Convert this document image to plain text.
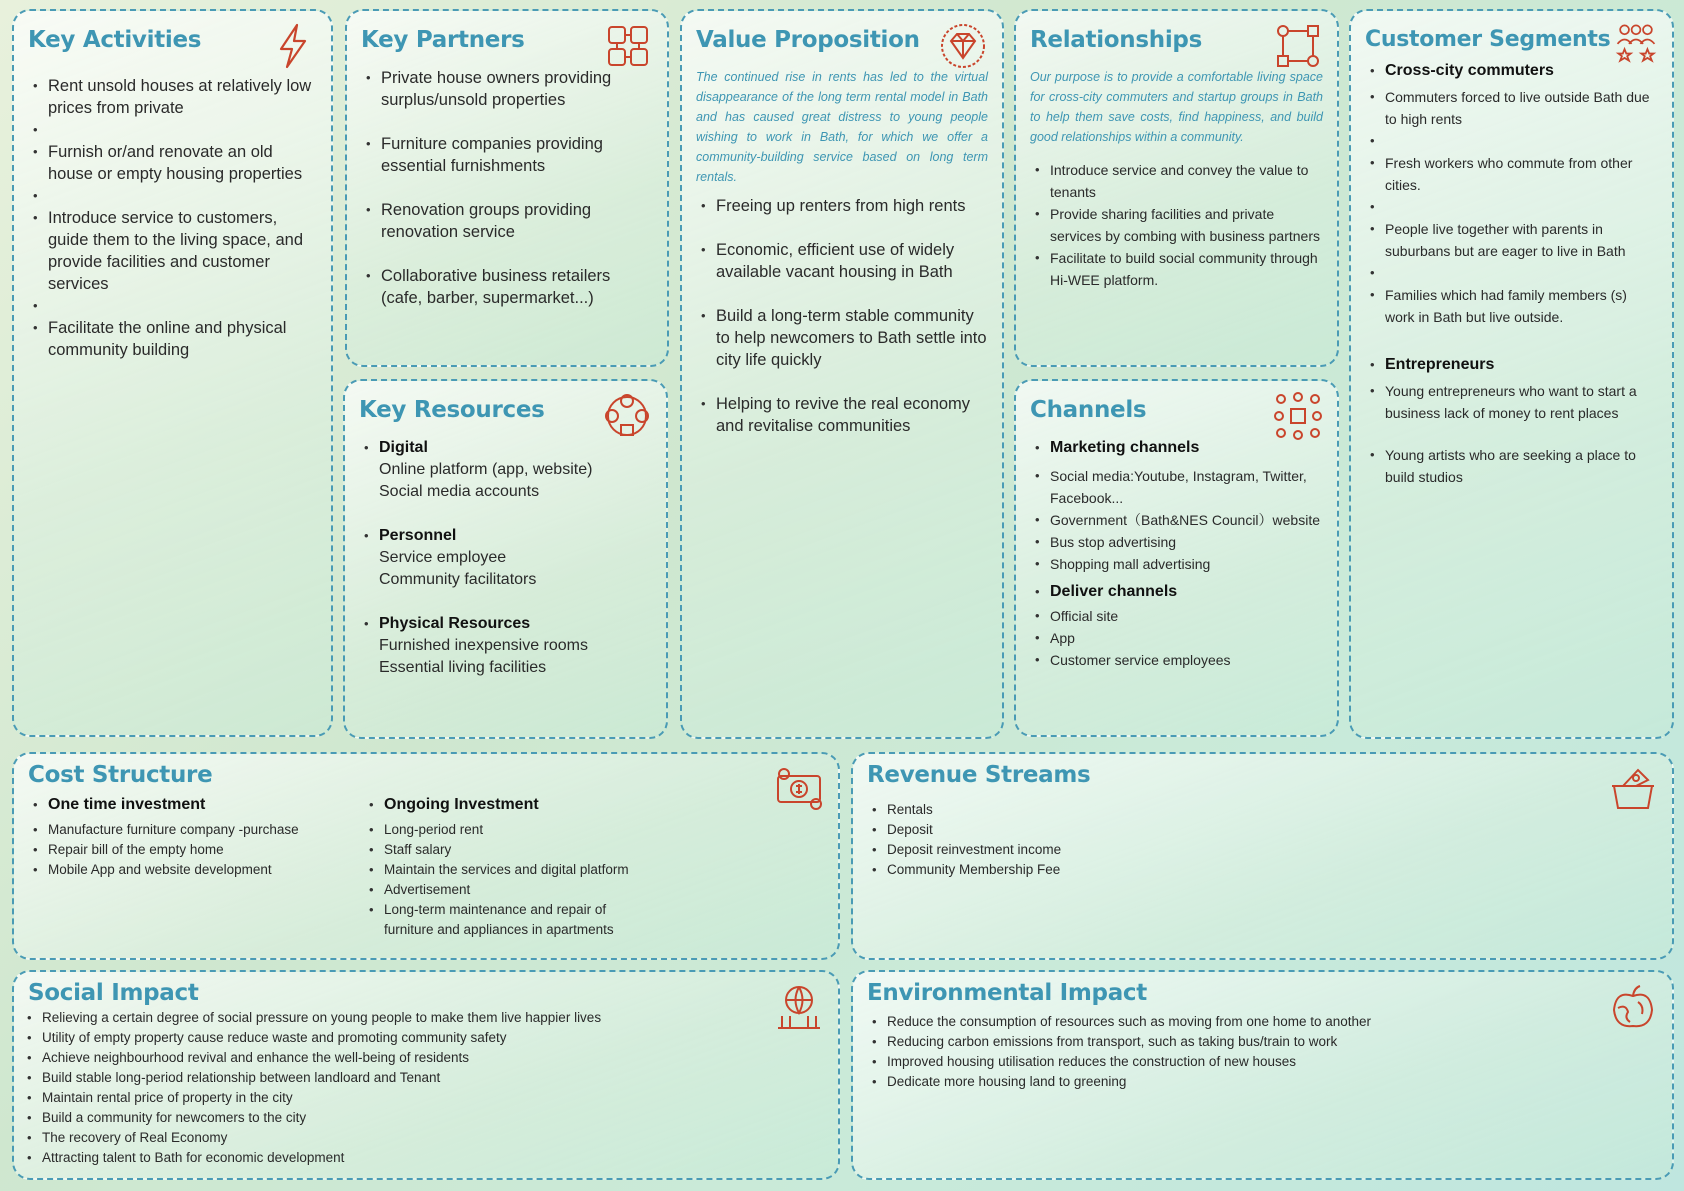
Key Activities
• Rent unsold houses at relatively low prices from private
•
• Furnish or/and renovate an old house or empty housing properties
•
• Introduce service to customers, guide them to the living space, and provide facilities and customer services
•
• Facilitate the online and physical community building
Key Partners
• Private house owners providing surplus/unsold properties
• Furniture companies providing essential furnishments
• Renovation groups providing renovation service
• Collaborative business retailers (cafe, barber, supermarket...)
Key Resources
• Digital
Online platform (app, website)
Social media accounts
• Personnel
Service employee
Community facilitators
• Physical Resources
Furnished inexpensive rooms
Essential living facilities
Value Proposition

The continued rise in rents has led to the virtual disappearance of the long term rental model in Bath and has caused great distress to young people wishing to work in Bath, for which we offer a community-building service based on long term rentals.

• Freeing up renters from high rents
• Economic, efficient use of widely available vacant housing in Bath
• Build a long-term stable community to help newcomers to Bath settle into city life quickly
• Helping to revive the real economy and revitalise communities
Relationships

Our purpose is to provide a comfortable living space for cross-city commuters and startup groups in Bath to help them save costs, find happiness, and build good relationships within a community.

• Introduce service and convey the value to tenants
• Provide sharing facilities and private services by combing with business partners
• Facilitate to build social community through Hi-WEE platform.
Channels
• Marketing channels
• Social media:Youtube, Instagram, Twitter, Facebook...
• Government（Bath&NES Council）website
• Bus stop advertising
• Shopping mall advertising
• Deliver channels
• Official site
• App
• Customer service employees
Customer Segments
• Cross-city commuters
• Commuters forced to live outside Bath due to high rents
•
• Fresh workers who commute from other cities.
•
• People live together with parents in suburbans but are eager to live in Bath
•
• Families which had family members (s) work in Bath but live outside.
• Entrepreneurs
• Young entrepreneurs who want to start a business lack of money to rent places
• Young artists who are seeking a place to build studios
Cost Structure
• One time investment
• Manufacture furniture company -purchase
• Repair bill of the empty home
• Mobile App and website development
• Ongoing Investment
• Long-period rent
• Staff salary
• Maintain the services and digital platform
• Advertisement
• Long-term maintenance and repair of furniture and appliances in apartments
Revenue Streams
• Rentals
• Deposit
• Deposit reinvestment income
• Community Membership Fee
Social Impact
• Relieving a certain degree of social pressure on young people to make them live happier lives
• Utility of empty property cause reduce waste and promoting community safety
• Achieve neighbourhood revival and enhance the well-being of residents
• Build stable long-period relationship between landloard and Tenant
• Maintain rental price of property in the city
• Build a community for newcomers to the city
• The recovery of Real Economy
• Attracting talent to Bath for economic development
Environmental Impact
• Reduce the consumption of resources such as moving from one home to another
• Reducing carbon emissions from transport, such as taking bus/train to work
• Improved housing utilisation reduces the construction of new houses
• Dedicate more housing land to greening
